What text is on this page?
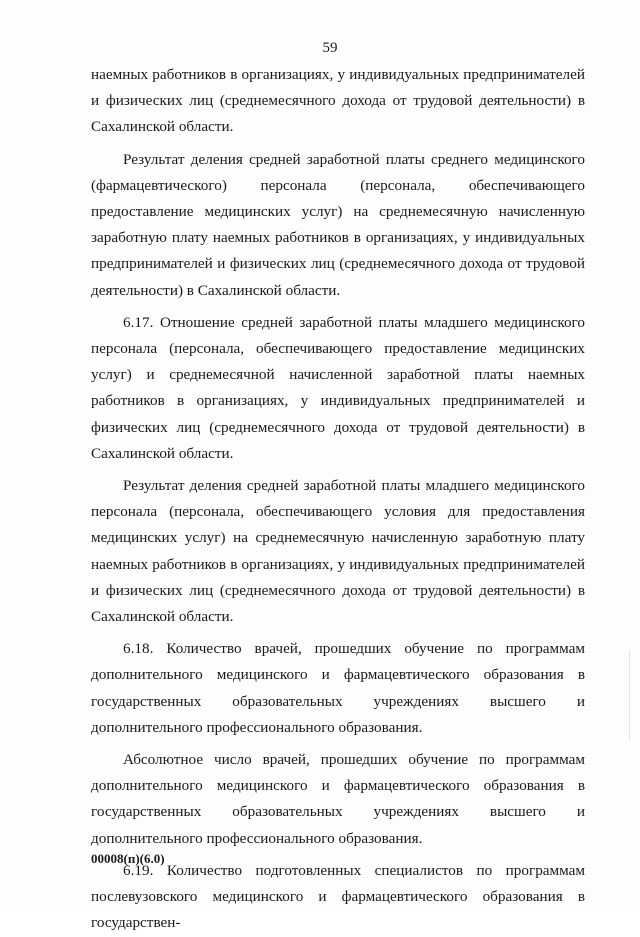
59

наемных работников в организациях, у индивидуальных предпринимателей и физических лиц (среднемесячного дохода от трудовой деятельности) в Сахалинской области.

Результат деления средней заработной платы среднего медицинского (фармацевтического) персонала (персонала, обеспечивающего предоставление медицинских услуг) на среднемесячную начисленную заработную плату наемных работников в организациях, у индивидуальных предпринимателей и физических лиц (среднемесячного дохода от трудовой деятельности) в Сахалинской области.

6.17. Отношение средней заработной платы младшего медицинского персонала (персонала, обеспечивающего предоставление медицинских услуг) и среднемесячной начисленной заработной платы наемных работников в организациях, у индивидуальных предпринимателей и физических лиц (среднемесячного дохода от трудовой деятельности) в Сахалинской области.

Результат деления средней заработной платы младшего медицинского персонала (персонала, обеспечивающего условия для предоставления медицинских услуг) на среднемесячную начисленную заработную плату наемных работников в организациях, у индивидуальных предпринимателей и физических лиц (среднемесячного дохода от трудовой деятельности) в Сахалинской области.

6.18. Количество врачей, прошедших обучение по программам дополнительного медицинского и фармацевтического образования в государственных образовательных учреждениях высшего и дополнительного профессионального образования.

Абсолютное число врачей, прошедших обучение по программам дополнительного медицинского и фармацевтического образования в государственных образовательных учреждениях высшего и дополнительного профессионального образования.

6.19. Количество подготовленных специалистов по программам послевузовского медицинского и фармацевтического образования в государствен-

00008(п)(6.0)
